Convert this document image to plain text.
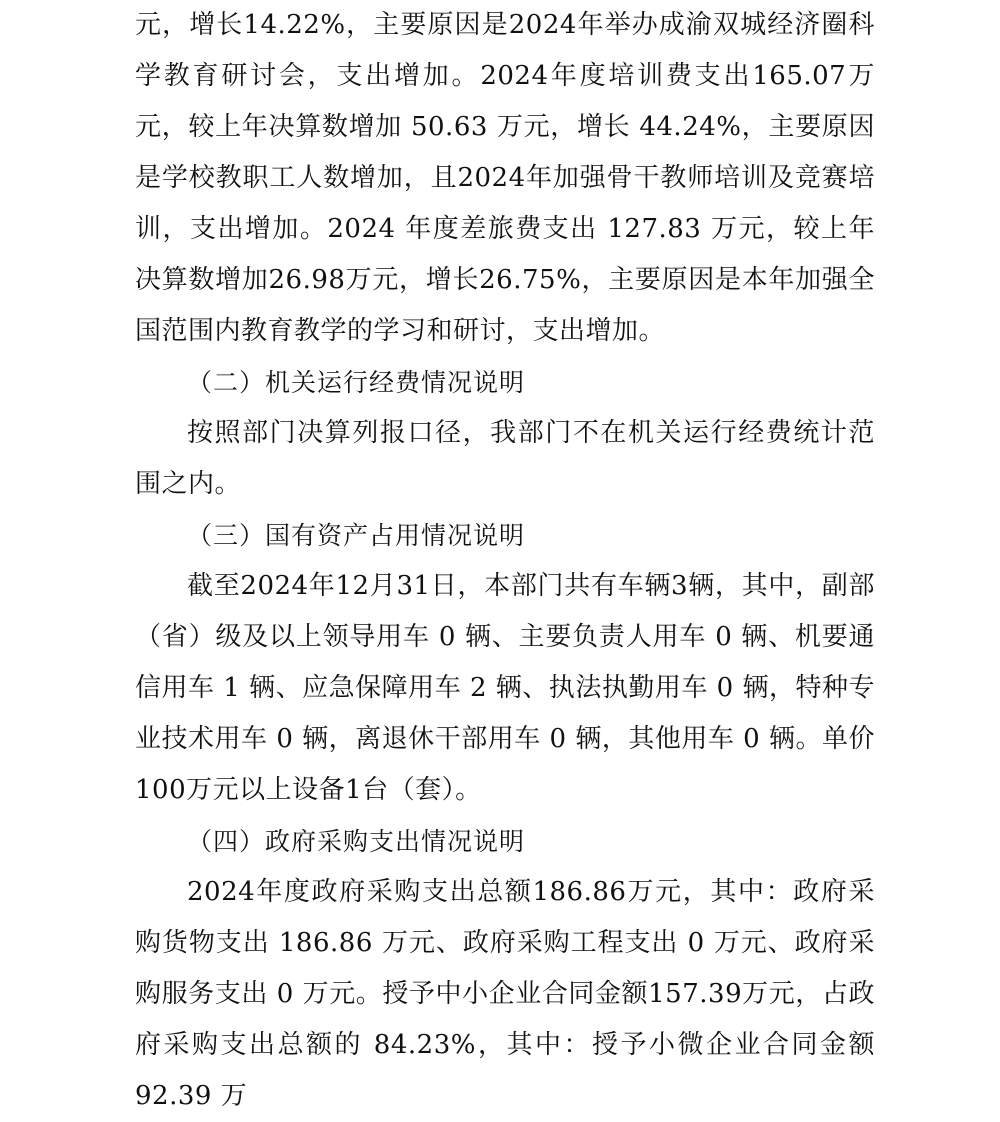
元，增长14.22%，主要原因是2024年举办成渝双城经济圈科学教育研讨会，支出增加。2024年度培训费支出165.07万元，较上年决算数增加 50.63 万元，增长 44.24%，主要原因是学校教职工人数增加，且2024年加强骨干教师培训及竞赛培训，支出增加。2024 年度差旅费支出 127.83 万元，较上年决算数增加26.98万元，增长26.75%，主要原因是本年加强全国范围内教育教学的学习和研讨，支出增加。

（二）机关运行经费情况说明

按照部门决算列报口径，我部门不在机关运行经费统计范围之内。

（三）国有资产占用情况说明

截至2024年12月31日，本部门共有车辆3辆，其中，副部（省）级及以上领导用车 0 辆、主要负责人用车 0 辆、机要通信用车 1 辆、应急保障用车 2 辆、执法执勤用车 0 辆，特种专业技术用车 0 辆，离退休干部用车 0 辆，其他用车 0 辆。单价100万元以上设备1台（套）。

（四）政府采购支出情况说明

2024年度政府采购支出总额186.86万元，其中：政府采购货物支出 186.86 万元、政府采购工程支出 0 万元、政府采购服务支出 0 万元。授予中小企业合同金额157.39万元，占政府采购支出总额的 84.23%，其中：授予小微企业合同金额 92.39 万
